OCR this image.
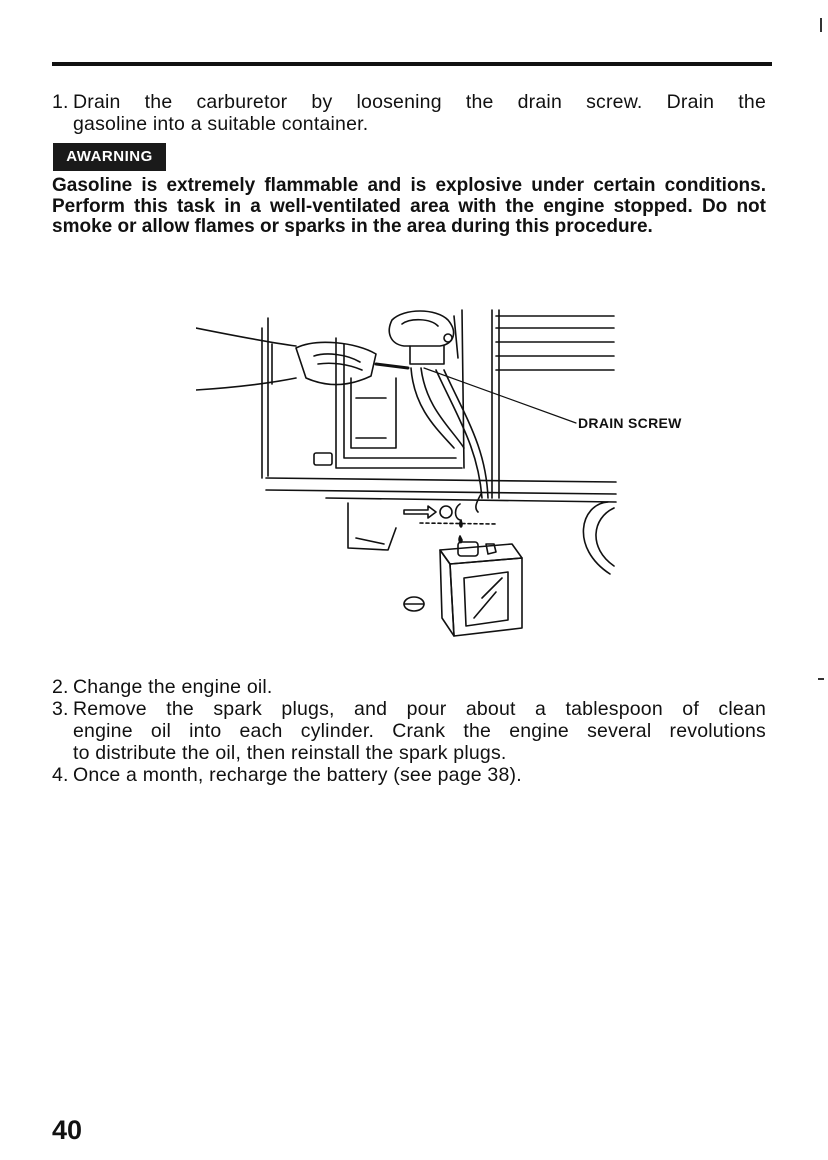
1. Drain the carburetor by loosening the drain screw. Drain the
gasoline into a suitable container.
AWARNING
Gasoline is extremely flammable and is explosive under certain conditions. Perform this task in a well-ventilated area with the engine stopped. Do not smoke or allow flames or sparks in the area during this procedure.
DRAIN SCREW
2. Change the engine oil.
3. Remove the spark plugs, and pour about a tablespoon of clean
engine oil into each cylinder. Crank the engine several revolutions
to distribute the oil, then reinstall the spark plugs.
4. Once a month, recharge the battery (see page 38).
40
